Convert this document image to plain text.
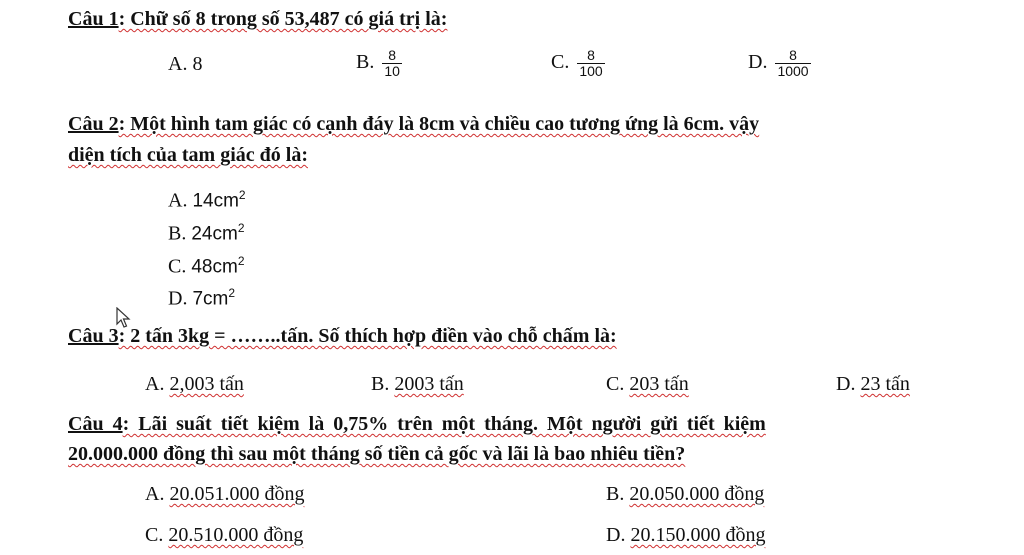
Câu 1: Chữ số 8 trong số 53,487 có giá trị là:
A. 8	B. $\frac{8}{10}$	C. $\frac{8}{100}$	D. $\frac{8}{1000}$
Câu 2: Một hình tam giác có cạnh đáy là 8cm và chiều cao tương ứng là 6cm. vậy
diện tích của tam giác đó là:
A. $14cm^2$
B. $24cm^2$
C. $48cm^2$
D. $7cm^2$
Câu 3: 2 tấn 3kg = ……..tấn. Số thích hợp điền vào chỗ chấm là:
A. 2,003 tấn	B. 2003 tấn	C. 203 tấn	D. 23 tấn
Câu 4: Lãi suất tiết kiệm là 0,75% trên một tháng. Một người gửi tiết kiệm
20.000.000 đồng thì sau một tháng số tiền cả gốc và lãi là bao nhiêu tiền?
A. 20.051.000 đồng	B. 20.050.000 đồng
C. 20.510.000 đồng	D. 20.150.000 đồng
